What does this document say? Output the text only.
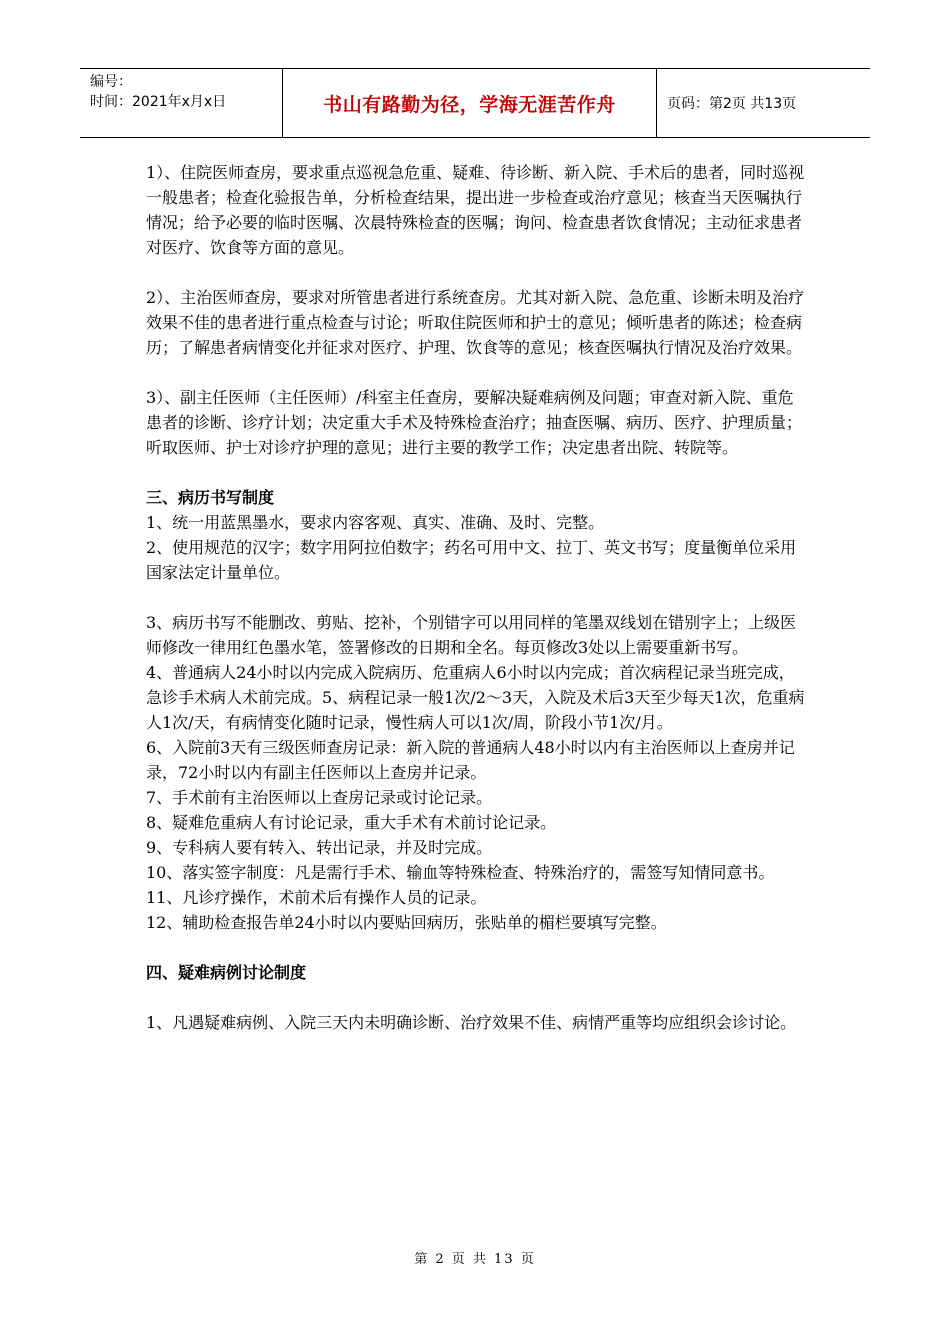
编号：
时间：2021年x月x日	书山有路勤为径，学海无涯苦作舟	页码：第2页 共13页

1）、住院医师查房，要求重点巡视急危重、疑难、待诊断、新入院、手术后的患者，同时巡视一般患者；检查化验报告单，分析检查结果，提出进一步检查或治疗意见；核查当天医嘱执行情况；给予必要的临时医嘱、次晨特殊检查的医嘱；询问、检查患者饮食情况；主动征求患者对医疗、饮食等方面的意见。

2）、主治医师查房，要求对所管患者进行系统查房。尤其对新入院、急危重、诊断未明及治疗效果不佳的患者进行重点检查与讨论；听取住院医师和护士的意见；倾听患者的陈述；检查病历；了解患者病情变化并征求对医疗、护理、饮食等的意见；核查医嘱执行情况及治疗效果。

3）、副主任医师（主任医师）/科室主任查房，要解决疑难病例及问题；审查对新入院、重危患者的诊断、诊疗计划；决定重大手术及特殊检查治疗；抽查医嘱、病历、医疗、护理质量；听取医师、护士对诊疗护理的意见；进行主要的教学工作；决定患者出院、转院等。

三、病历书写制度

1、统一用蓝黑墨水，要求内容客观、真实、准确、及时、完整。

2、使用规范的汉字；数字用阿拉伯数字；药名可用中文、拉丁、英文书写；度量衡单位采用国家法定计量单位。

3、病历书写不能删改、剪贴、挖补，个别错字可以用同样的笔墨双线划在错别字上；上级医师修改一律用红色墨水笔，签署修改的日期和全名。每页修改3处以上需要重新书写。

4、普通病人24小时以内完成入院病历、危重病人6小时以内完成；首次病程记录当班完成，急诊手术病人术前完成。5、病程记录一般1次/2～3天，入院及术后3天至少每天1次，危重病人1次/天，有病情变化随时记录，慢性病人可以1次/周，阶段小节1次/月。

6、入院前3天有三级医师查房记录：新入院的普通病人48小时以内有主治医师以上查房并记录，72小时以内有副主任医师以上查房并记录。

7、手术前有主治医师以上查房记录或讨论记录。

8、疑难危重病人有讨论记录，重大手术有术前讨论记录。

9、专科病人要有转入、转出记录，并及时完成。

10、落实签字制度：凡是需行手术、输血等特殊检查、特殊治疗的，需签写知情同意书。

11、凡诊疗操作，术前术后有操作人员的记录。

12、辅助检查报告单24小时以内要贴回病历，张贴单的楣栏要填写完整。

四、疑难病例讨论制度

1、凡遇疑难病例、入院三天内未明确诊断、治疗效果不佳、病情严重等均应组织会诊讨论。

第 2 页 共 13 页
